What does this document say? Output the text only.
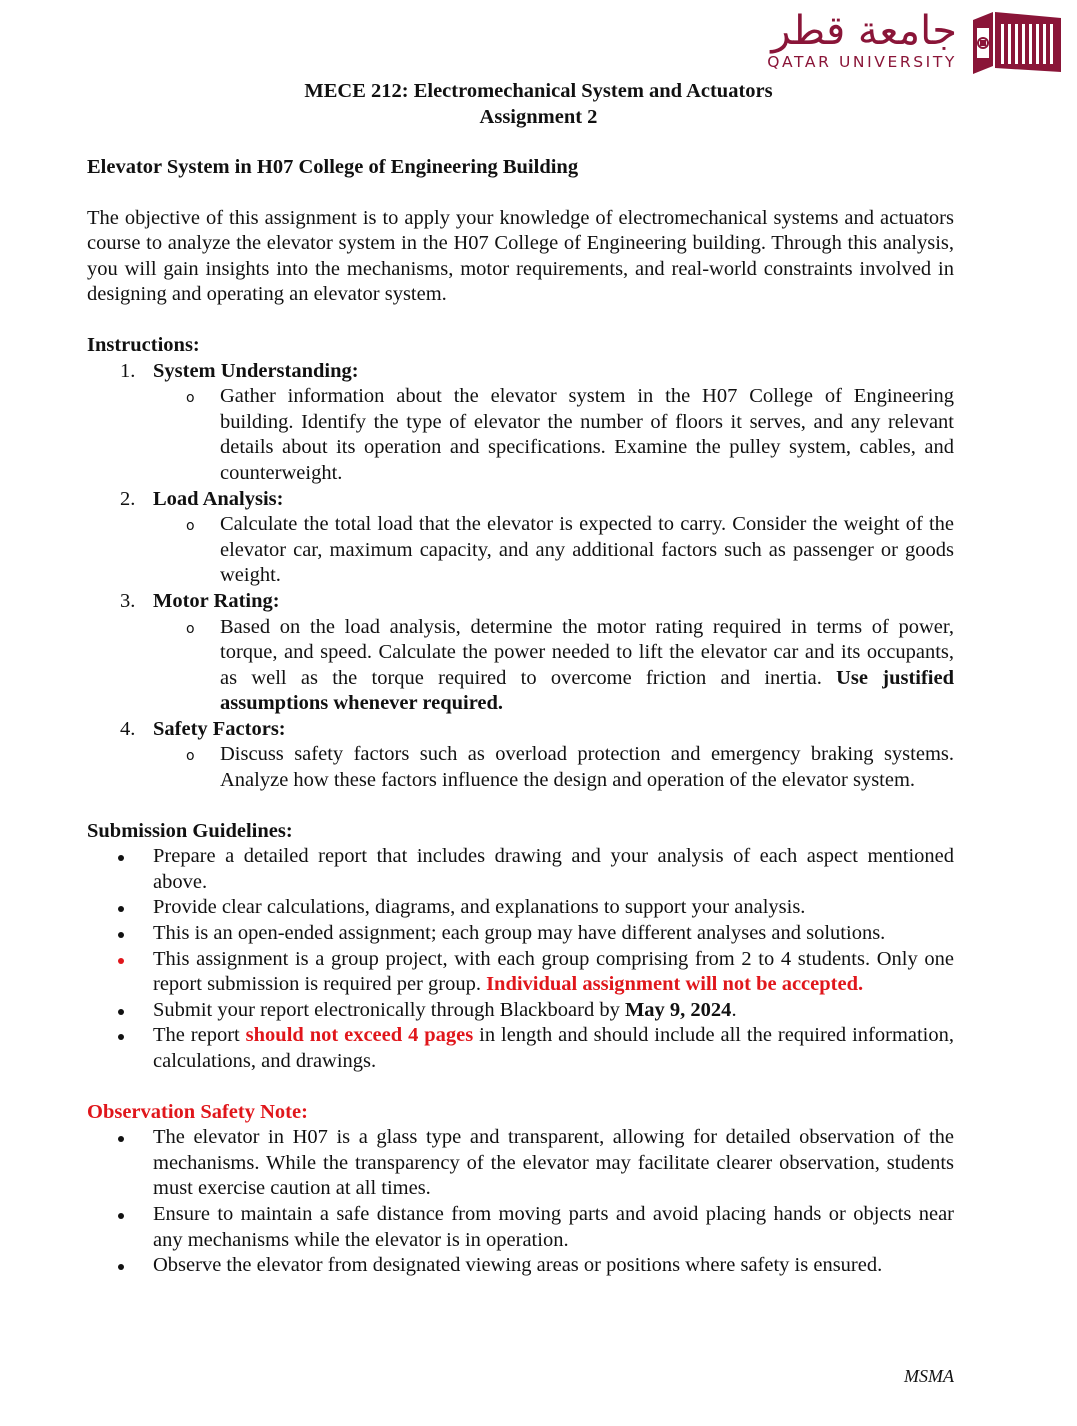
جامعة قطر
QATAR UNIVERSITY
MECE 212: Electromechanical System and Actuators
Assignment 2

Elevator System in H07 College of Engineering Building

The objective of this assignment is to apply your knowledge of electromechanical systems and actuators course to analyze the elevator system in the H07 College of Engineering building. Through this analysis, you will gain insights into the mechanisms, motor requirements, and real-world constraints involved in designing and operating an elevator system.

Instructions:

1. System Understanding:
o Gather information about the elevator system in the H07 College of Engineering building. Identify the type of elevator the number of floors it serves, and any relevant details about its operation and specifications. Examine the pulley system, cables, and counterweight.
2. Load Analysis:
o Calculate the total load that the elevator is expected to carry. Consider the weight of the elevator car, maximum capacity, and any additional factors such as passenger or goods weight.
3. Motor Rating:
o Based on the load analysis, determine the motor rating required in terms of power, torque, and speed. Calculate the power needed to lift the elevator car and its occupants, as well as the torque required to overcome friction and inertia. Use justified assumptions whenever required.
4. Safety Factors:
o Discuss safety factors such as overload protection and emergency braking systems. Analyze how these factors influence the design and operation of the elevator system.

Submission Guidelines:

Prepare a detailed report that includes drawing and your analysis of each aspect mentioned above.
Provide clear calculations, diagrams, and explanations to support your analysis.
This is an open-ended assignment; each group may have different analyses and solutions.
This assignment is a group project, with each group comprising from 2 to 4 students. Only one report submission is required per group. Individual assignment will not be accepted.
Submit your report electronically through Blackboard by May 9, 2024.
The report should not exceed 4 pages in length and should include all the required information, calculations, and drawings.

Observation Safety Note:

The elevator in H07 is a glass type and transparent, allowing for detailed observation of the mechanisms. While the transparency of the elevator may facilitate clearer observation, students must exercise caution at all times.
Ensure to maintain a safe distance from moving parts and avoid placing hands or objects near any mechanisms while the elevator is in operation.
Observe the elevator from designated viewing areas or positions where safety is ensured.
MSMA
